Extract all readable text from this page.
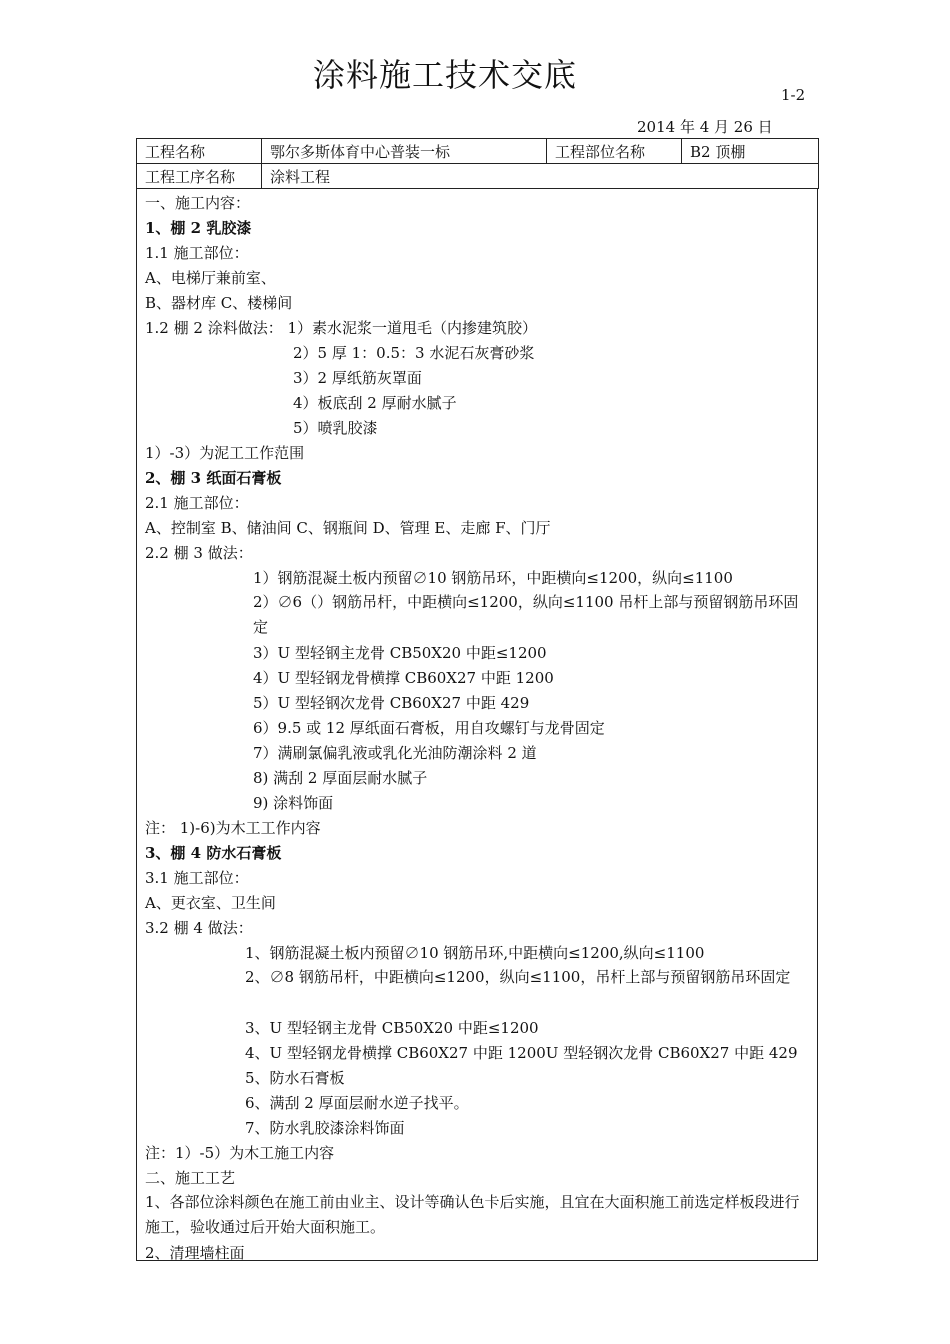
涂料施工技术交底
1-2
2014 年 4 月 26 日
工程名称	鄂尔多斯体育中心普装一标	工程部位名称	B2 顶棚
工程工序名称	涂料工程		
一、施工内容：
1、棚 2 乳胶漆
1.1 施工部位：
A、电梯厅兼前室、
B、器材库 C、楼梯间
1.2 棚 2 涂料做法： 1）素水泥浆一道甩毛（内掺建筑胶）
2）5 厚 1：0.5：3 水泥石灰膏砂浆
3）2 厚纸筋灰罩面
4）板底刮 2 厚耐水腻子
5）喷乳胶漆
1）-3）为泥工工作范围
2、棚 3 纸面石膏板
2.1 施工部位：
A、控制室 B、储油间 C、钢瓶间 D、管理 E、走廊 F、门厅
2.2 棚 3 做法：
1）钢筋混凝土板内预留∅10 钢筋吊环，中距横向≤1200，纵向≤1100
2）∅6（）钢筋吊杆，中距横向≤1200，纵向≤1100 吊杆上部与预留钢筋吊环固定
3）U 型轻钢主龙骨 CB50X20 中距≤1200
4）U 型轻钢龙骨横撑 CB60X27 中距 1200
5）U 型轻钢次龙骨 CB60X27 中距 429
6）9.5 或 12 厚纸面石膏板，用自攻螺钉与龙骨固定
7）满刷氯偏乳液或乳化光油防潮涂料 2 道
8) 满刮 2 厚面层耐水腻子
9) 涂料饰面
注： 1)-6)为木工工作内容
3、棚 4 防水石膏板
3.1 施工部位：
A、更衣室、卫生间
3.2 棚 4 做法：
1、钢筋混凝土板内预留∅10 钢筋吊环,中距横向≤1200,纵向≤1100
2、∅8 钢筋吊杆，中距横向≤1200，纵向≤1100，吊杆上部与预留钢筋吊环固定
3、U 型轻钢主龙骨 CB50X20 中距≤1200
4、U 型轻钢龙骨横撑 CB60X27 中距 1200U 型轻钢次龙骨 CB60X27 中距 429
5、防水石膏板
6、满刮 2 厚面层耐水逆子找平。
7、防水乳胶漆涂料饰面
注：1）-5）为木工施工内容
二、施工工艺
1、各部位涂料颜色在施工前由业主、设计等确认色卡后实施，且宜在大面积施工前选定样板段进行施工，验收通过后开始大面积施工。
2、清理墙柱面
